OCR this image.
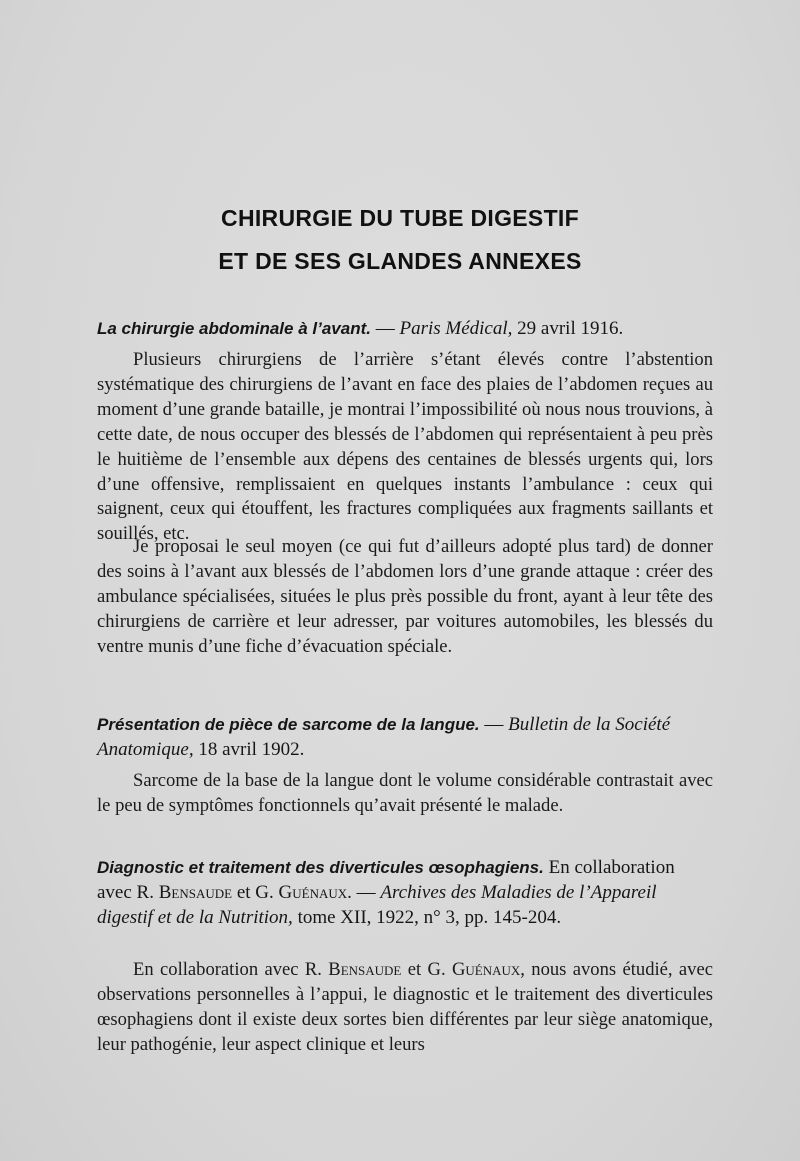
CHIRURGIE DU TUBE DIGESTIF
ET DE SES GLANDES ANNEXES
La chirurgie abdominale à l’avant. — Paris Médical, 29 avril 1916.
Plusieurs chirurgiens de l’arrière s’étant élevés contre l’abstention systématique des chirurgiens de l’avant en face des plaies de l’abdomen reçues au moment d’une grande bataille, je montrai l’impossibilité où nous nous trouvions, à cette date, de nous occuper des blessés de l’abdomen qui représentaient à peu près le huitième de l’ensemble aux dépens des centaines de blessés urgents qui, lors d’une offensive, remplissaient en quelques instants l’ambulance : ceux qui saignent, ceux qui étouffent, les fractures compliquées aux fragments saillants et souillés, etc.
Je proposai le seul moyen (ce qui fut d’ailleurs adopté plus tard) de donner des soins à l’avant aux blessés de l’abdomen lors d’une grande attaque : créer des ambulance spécialisées, situées le plus près possible du front, ayant à leur tête des chirurgiens de carrière et leur adresser, par voitures automobiles, les blessés du ventre munis d’une fiche d’évacuation spéciale.
Présentation de pièce de sarcome de la langue. — Bulletin de la Société Anatomique, 18 avril 1902.
Sarcome de la base de la langue dont le volume considérable contrastait avec le peu de symptômes fonctionnels qu’avait présenté le malade.
Diagnostic et traitement des diverticules œsophagiens. En collaboration avec R. Bensaude et G. Guénaux. — Archives des Maladies de l’Appareil digestif et de la Nutrition, tome XII, 1922, n° 3, pp. 145-204.
En collaboration avec R. Bensaude et G. Guénaux, nous avons étudié, avec observations personnelles à l’appui, le diagnostic et le traitement des diverticules œsophagiens dont il existe deux sortes bien différentes par leur siège anatomique, leur pathogénie, leur aspect clinique et leurs
